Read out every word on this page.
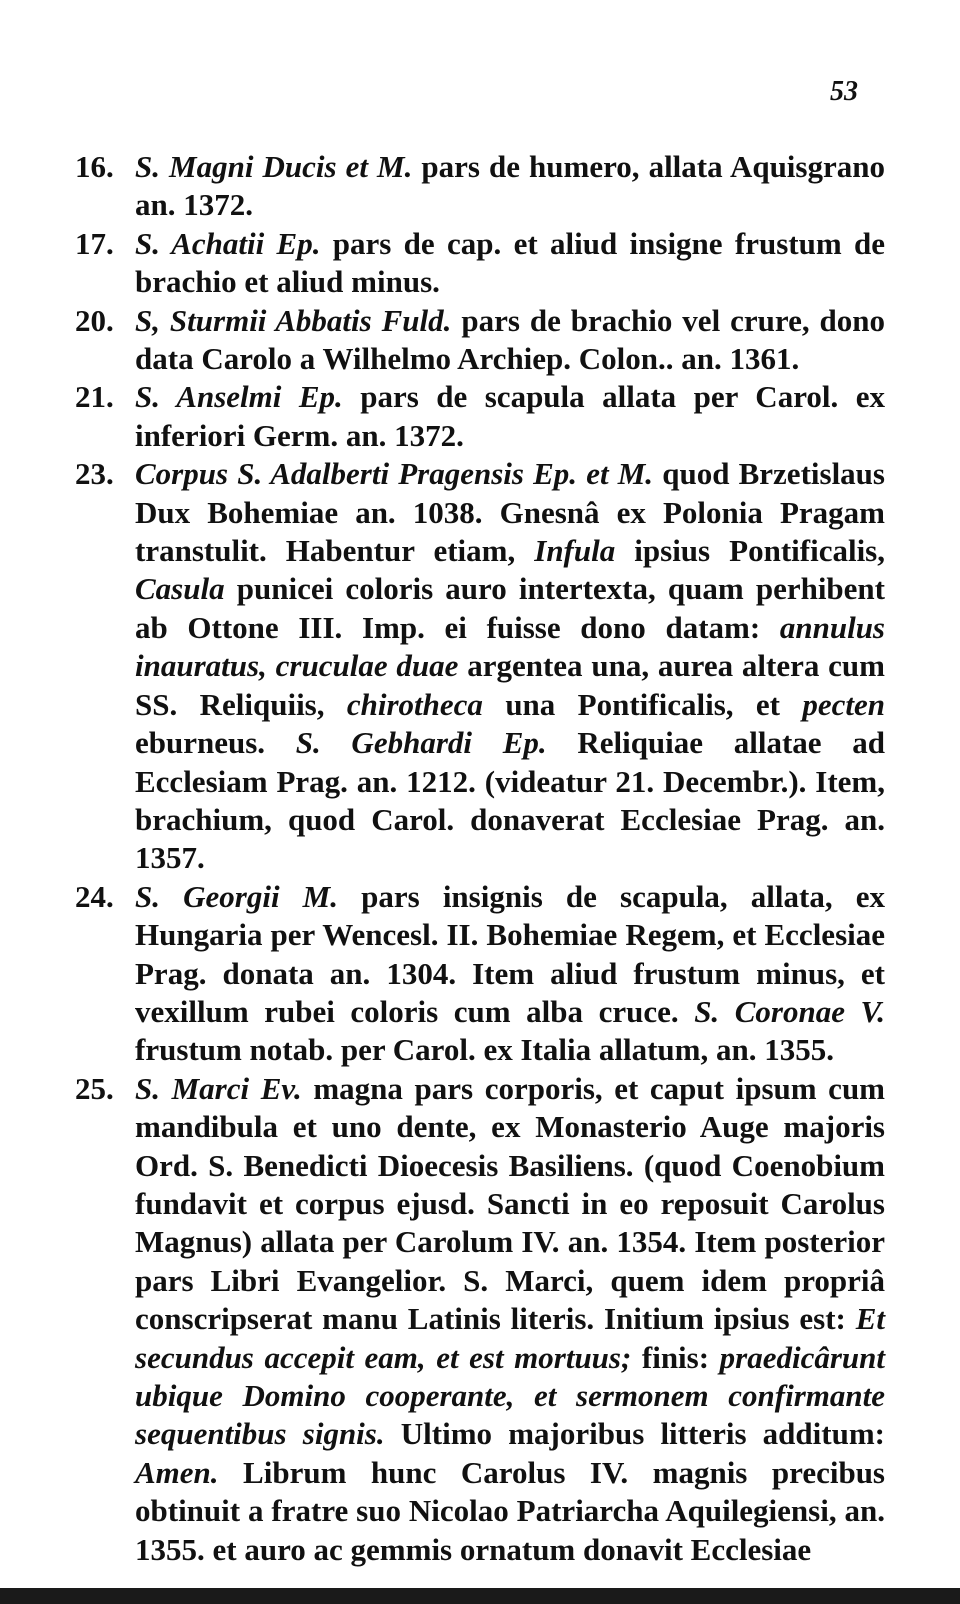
53
16. S. Magni Ducis et M. pars de humero, allata Aquisgrano an. 1372.
17. S. Achatii Ep. pars de cap. et aliud insigne frustum de brachio et aliud minus.
20. S, Sturmii Abbatis Fuld. pars de brachio vel crure, dono data Carolo a Wilhelmo Archiep. Colon.. an. 1361.
21. S. Anselmi Ep. pars de scapula allata per Carol. ex inferiori Germ. an. 1372.
23. Corpus S. Adalberti Pragensis Ep. et M. quod Brzetislaus Dux Bohemiae an. 1038. Gnesnâ ex Polonia Pragam transtulit. Habentur etiam, Infula ipsius Pontificalis, Casula punicei coloris auro intertexta, quam perhibent ab Ottone III. Imp. ei fuisse dono datam: annulus inauratus, cruculae duae argentea una, aurea altera cum SS. Reliquiis, chirotheca una Pontificalis, et pecten eburneus. S. Gebhardi Ep. Reliquiae allatae ad Ecclesiam Prag. an. 1212. (videatur 21. Decembr.). Item, brachium, quod Carol. donaverat Ecclesiae Prag. an. 1357.
24. S. Georgii M. pars insignis de scapula, allata, ex Hungaria per Wencesl. II. Bohemiae Regem, et Ecclesiae Prag. donata an. 1304. Item aliud frustum minus, et vexillum rubei coloris cum alba cruce. S. Coronae V. frustum notab. per Carol. ex Italia allatum, an. 1355.
25. S. Marci Ev. magna pars corporis, et caput ipsum cum mandibula et uno dente, ex Monasterio Auge majoris Ord. S. Benedicti Dioecesis Basiliens. (quod Coenobium fundavit et corpus ejusd. Sancti in eo reposuit Carolus Magnus) allata per Carolum IV. an. 1354. Item posterior pars Libri Evangelior. S. Marci, quem idem propriâ conscripserat manu Latinis literis. Initium ipsius est: Et secundus accepit eam, et est mortuus; finis: praedicârunt ubique Domino cooperante, et sermonem confirmante sequentibus signis. Ultimo majoribus litteris additum: Amen. Librum hunc Carolus IV. magnis precibus obtinuit a fratre suo Nicolao Patriarcha Aquilegiensi, an. 1355. et auro ac gemmis ornatum donavit Ecclesiae
